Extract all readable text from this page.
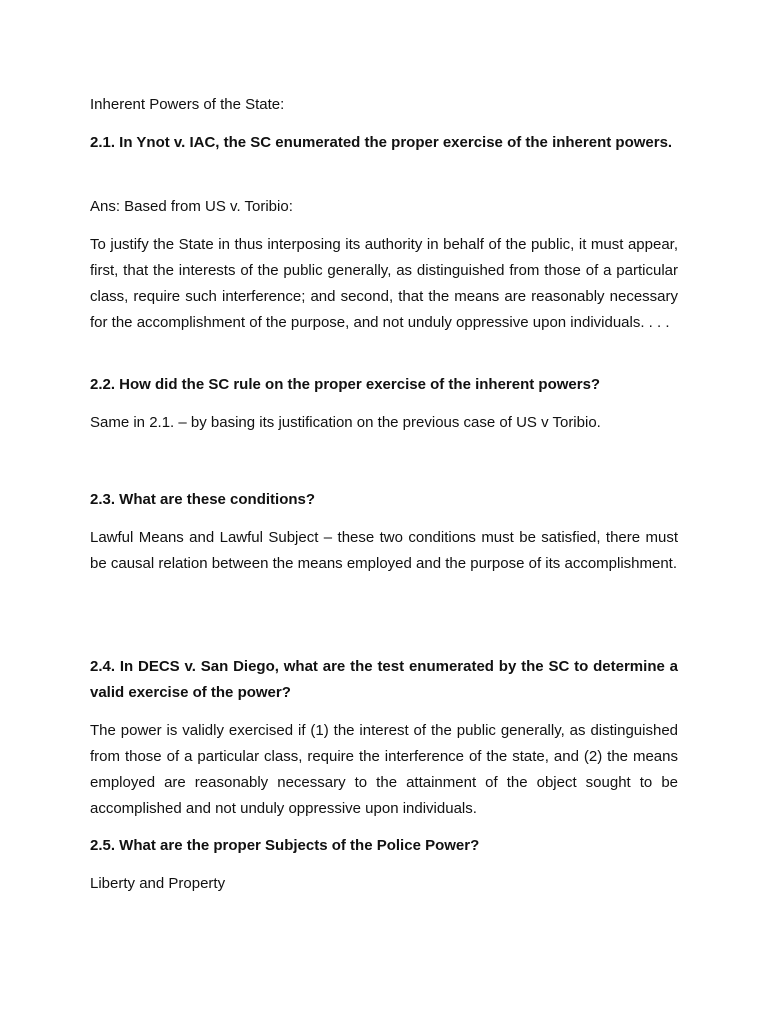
Inherent Powers of the State:

2.1. In Ynot v. IAC, the SC enumerated the proper exercise of the inherent powers.

Ans: Based from US v. Toribio:

To justify the State in thus interposing its authority in behalf of the public, it must appear, first, that the interests of the public generally, as distinguished from those of a particular class, require such interference; and second, that the means are reasonably necessary for the accomplishment of the purpose, and not unduly oppressive upon individuals. . . .

2.2. How did the SC rule on the proper exercise of the inherent powers?

Same in 2.1. – by basing its justification on the previous case of US v Toribio.

2.3. What are these conditions?

Lawful Means and Lawful Subject – these two conditions must be satisfied, there must be causal relation between the means employed and the purpose of its accomplishment.

2.4. In DECS v. San Diego, what are the test enumerated by the SC to determine a valid exercise of the power?

The power is validly exercised if (1) the interest of the public generally, as distinguished from those of a particular class, require the interference of the state, and (2) the means employed are reasonably necessary to the attainment of the object sought to be accomplished and not unduly oppressive upon individuals.

2.5. What are the proper Subjects of the Police Power?

Liberty and Property
